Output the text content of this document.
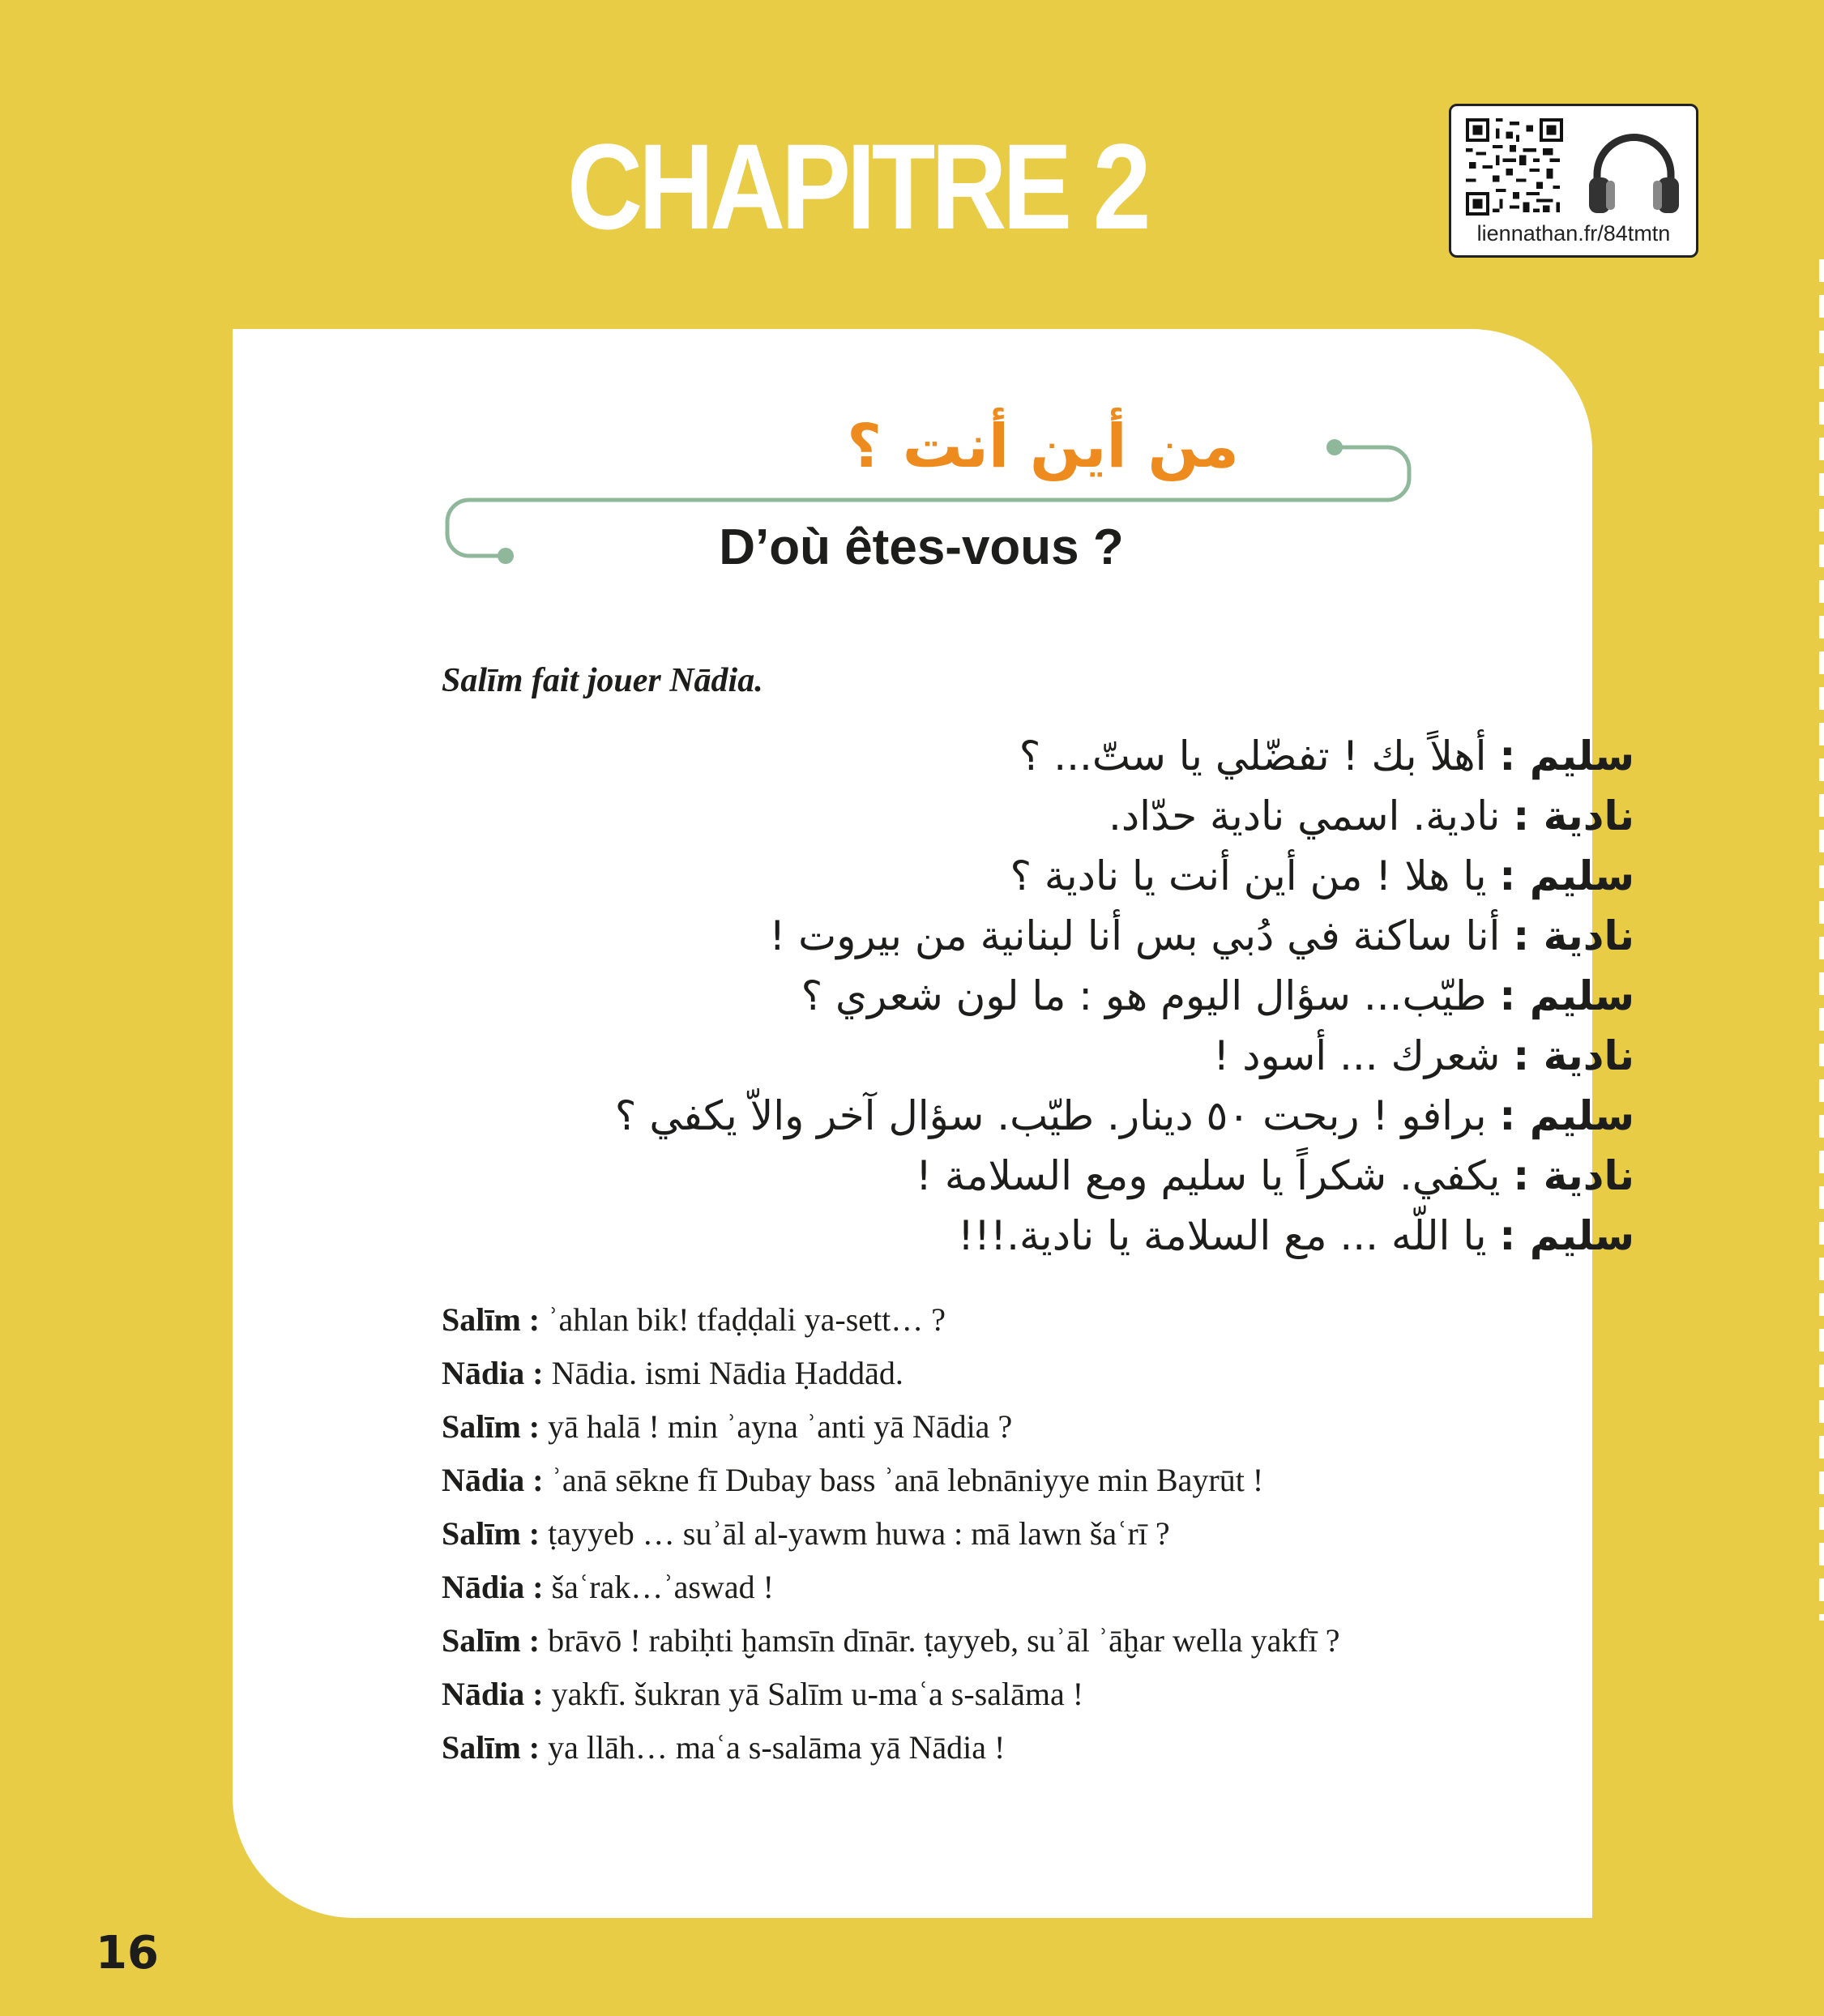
CHAPITRE 2	liennathan.fr/84tmtn
من أين أنت ؟
D’où êtes-vous ?
Salīm fait jouer Nādia.
سليم : أهلاً بك ! تفضّلي يا ستّ... ؟
نادية : نادية. اسمي نادية حدّاد.
سليم : يا هلا ! من أين أنت يا نادية ؟
نادية : أنا ساكنة في دُبي بس أنا لبنانية من بيروت !
سليم : طيّب... سؤال اليوم هو : ما لون شعري ؟
نادية : شعرك ... أسود !
سليم : برافو ! ربحت ٥٠ دينار. طيّب. سؤال آخر والاّ يكفي ؟
نادية : يكفي. شكراً يا سليم ومع السلامة !
سليم : يا اللّه ... مع السلامة يا نادية.!!!
Salīm : ʾahlan bik! tfaḍḍali ya-sett… ?
Nādia : Nādia. ismi Nādia Ḥaddād.
Salīm : yā halā ! min ʾayna ʾanti yā Nādia ?
Nādia : ʾanā sēkne fī Dubay bass ʾanā lebnāniyye min Bayrūt !
Salīm : ṭayyeb … suʾāl al-yawm huwa : mā lawn šaʿrī ?
Nādia : šaʿrak…ʾaswad !
Salīm : brāvō ! rabiḥti ḫamsīn dīnār. ṭayyeb, suʾāl ʾāḫar wella yakfī ?
Nādia : yakfī. šukran yā Salīm u-maʿa s-salāma !
Salīm : ya llāh… maʿa s-salāma yā Nādia !
16
